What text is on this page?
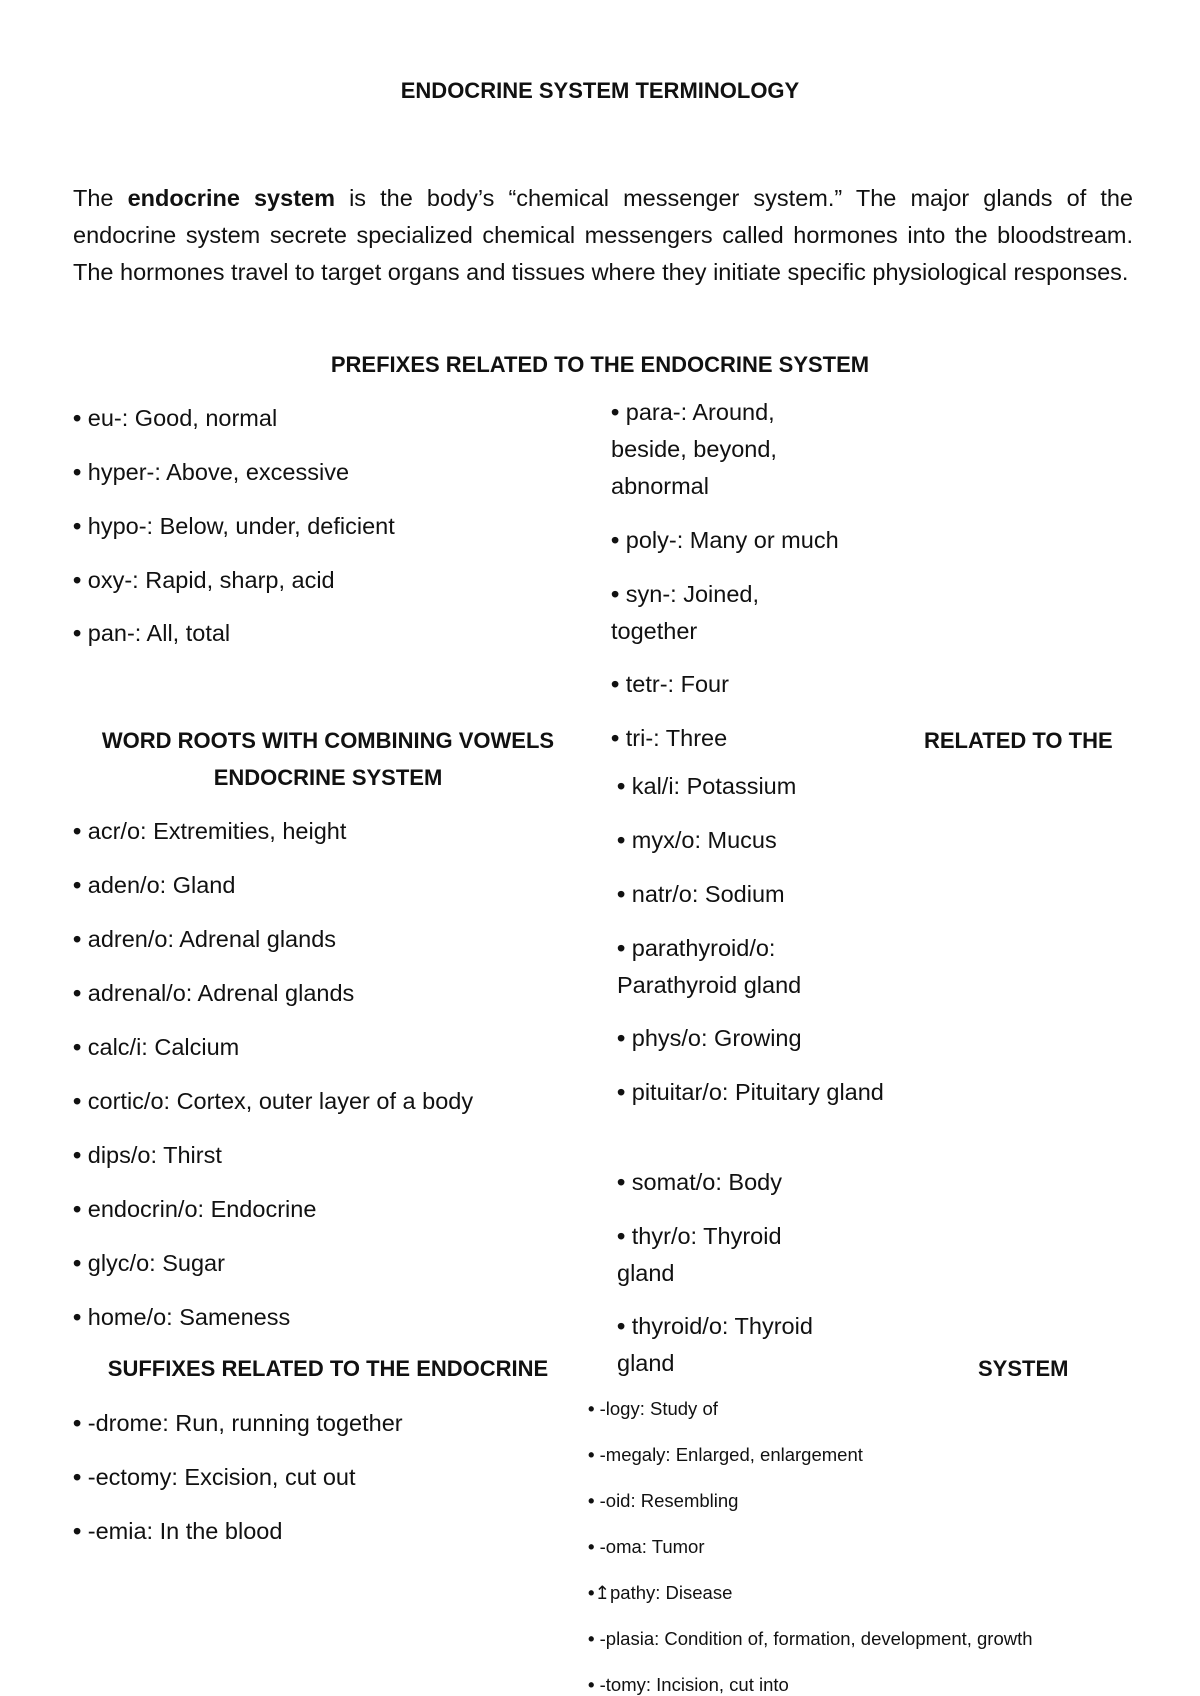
ENDOCRINE SYSTEM TERMINOLOGY

The endocrine system is the body’s “chemical messenger system.” The major glands of the endocrine system secrete specialized chemical messengers called hormones into the bloodstream. The hormones travel to target organs and tissues where they initiate specific physiological responses.

PREFIXES RELATED TO THE ENDOCRINE SYSTEM
• eu-: Good, normal
• hyper-: Above, excessive
• hypo-: Below, under, deficient
• oxy-: Rapid, sharp, acid
• pan-: All, total
• para-: Around, beside, beyond, abnormal
• poly-: Many or much
• syn-: Joined, together
• tetr-: Four
• tri-: Three
WORD ROOTS WITH COMBINING VOWELS
ENDOCRINE SYSTEM
RELATED TO THE
• acr/o: Extremities, height
• aden/o: Gland
• adren/o: Adrenal glands
• adrenal/o: Adrenal glands
• calc/i: Calcium
• cortic/o: Cortex, outer layer of a body
• dips/o: Thirst
• endocrin/o: Endocrine
• glyc/o: Sugar
• home/o: Sameness
• kal/i: Potassium
• myx/o: Mucus
• natr/o: Sodium
• parathyroid/o: Parathyroid gland
• phys/o: Growing
• pituitar/o: Pituitary gland
• somat/o: Body
• thyr/o: Thyroid gland
• thyroid/o: Thyroid gland
SUFFIXES RELATED TO THE ENDOCRINE	SYSTEM
• -drome: Run, running together
• -ectomy: Excision, cut out
• -emia: In the blood
• -logy: Study of
• -megaly: Enlarged, enlargement
• -oid: Resembling
• -oma: Tumor
•↥pathy: Disease
• -plasia: Condition of, formation, development, growth
• -tomy: Incision, cut into
